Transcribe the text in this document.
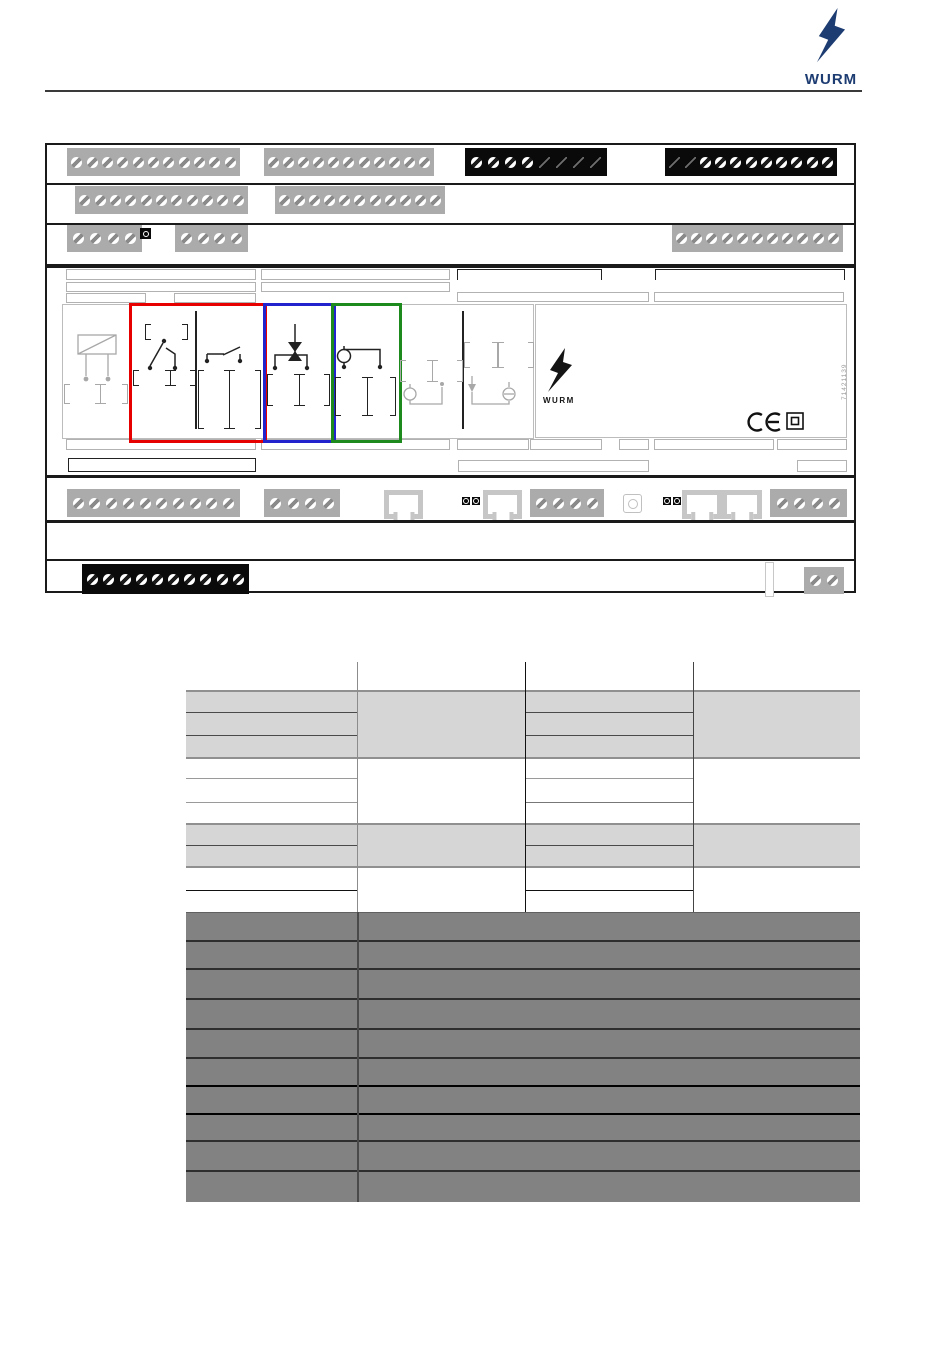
WURM
WURM
71421139
